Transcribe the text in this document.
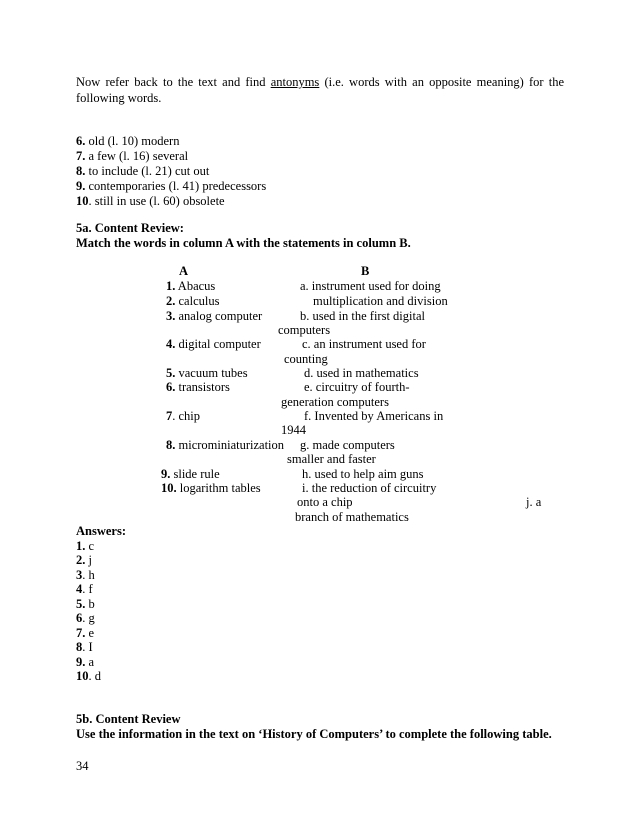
Now refer back to the text and find antonyms (i.e. words with an opposite meaning) for the following words.
6. old (l. 10) modern
7. a few (l. 16) several
8. to include (l. 21) cut out
9. contemporaries (l. 41) predecessors
10. still in use (l. 60) obsolete
5a. Content Review:
Match the words in column A with the statements in column B.
A	B
1. Abacus
2. calculus
3. analog computer
4. digital computer
5. vacuum tubes
6. transistors
7. chip
8. microminiaturization
9. slide rule
10. logarithm tables
a. instrument used for doing
multiplication and division
b. used in the first digital
computers
c. an instrument used for
counting
d. used in mathematics
e. circuitry of fourth-
generation computers
f. Invented by Americans in
1944
g. made computers
smaller and faster
h. used to help aim guns
i. the reduction of circuitry
onto a chip	j. a
branch of mathematics
Answers:
1. c
2. j
3. h
4. f
5. b
6. g
7. e
8. I
9. a
10. d
5b. Content Review
Use the information in the text on ‘History of Computers’ to complete the following table.
34
